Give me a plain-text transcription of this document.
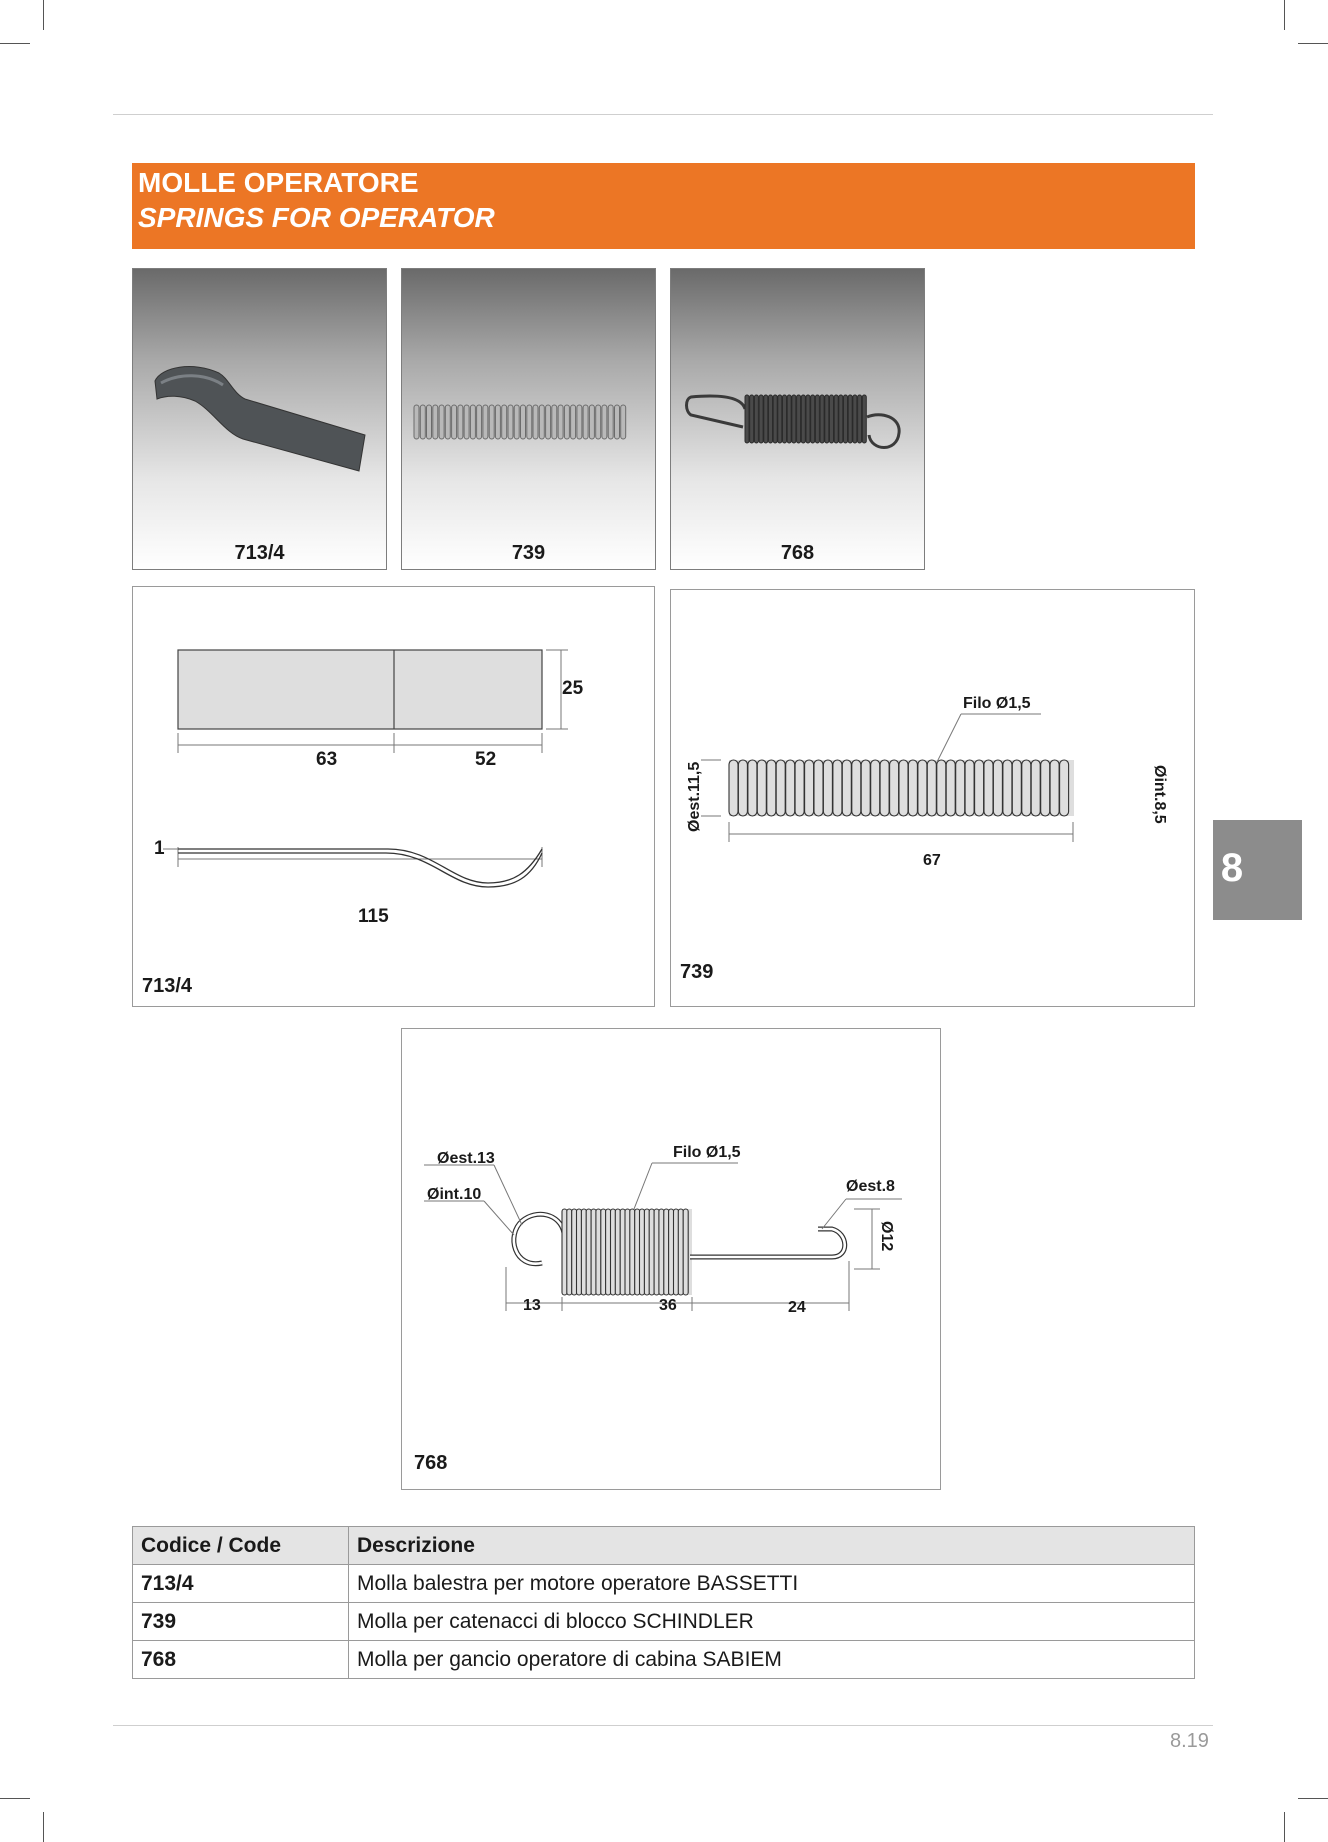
MOLLE OPERATORE
SPRINGS FOR OPERATOR
713/4	739	768
63	52
25
1
115
713/4
Filo Ø1,5
Øest.11,5	Øint.8,5
67
739
8
Øest.13
Øint.10
Filo Ø1,5
Øest.8
Ø12
13	36	24
768
Codice / Code	Descrizione
713/4	Molla balestra per motore operatore BASSETTI
739	Molla per catenacci di blocco SCHINDLER
768	Molla per gancio operatore di cabina SABIEM
8.19
